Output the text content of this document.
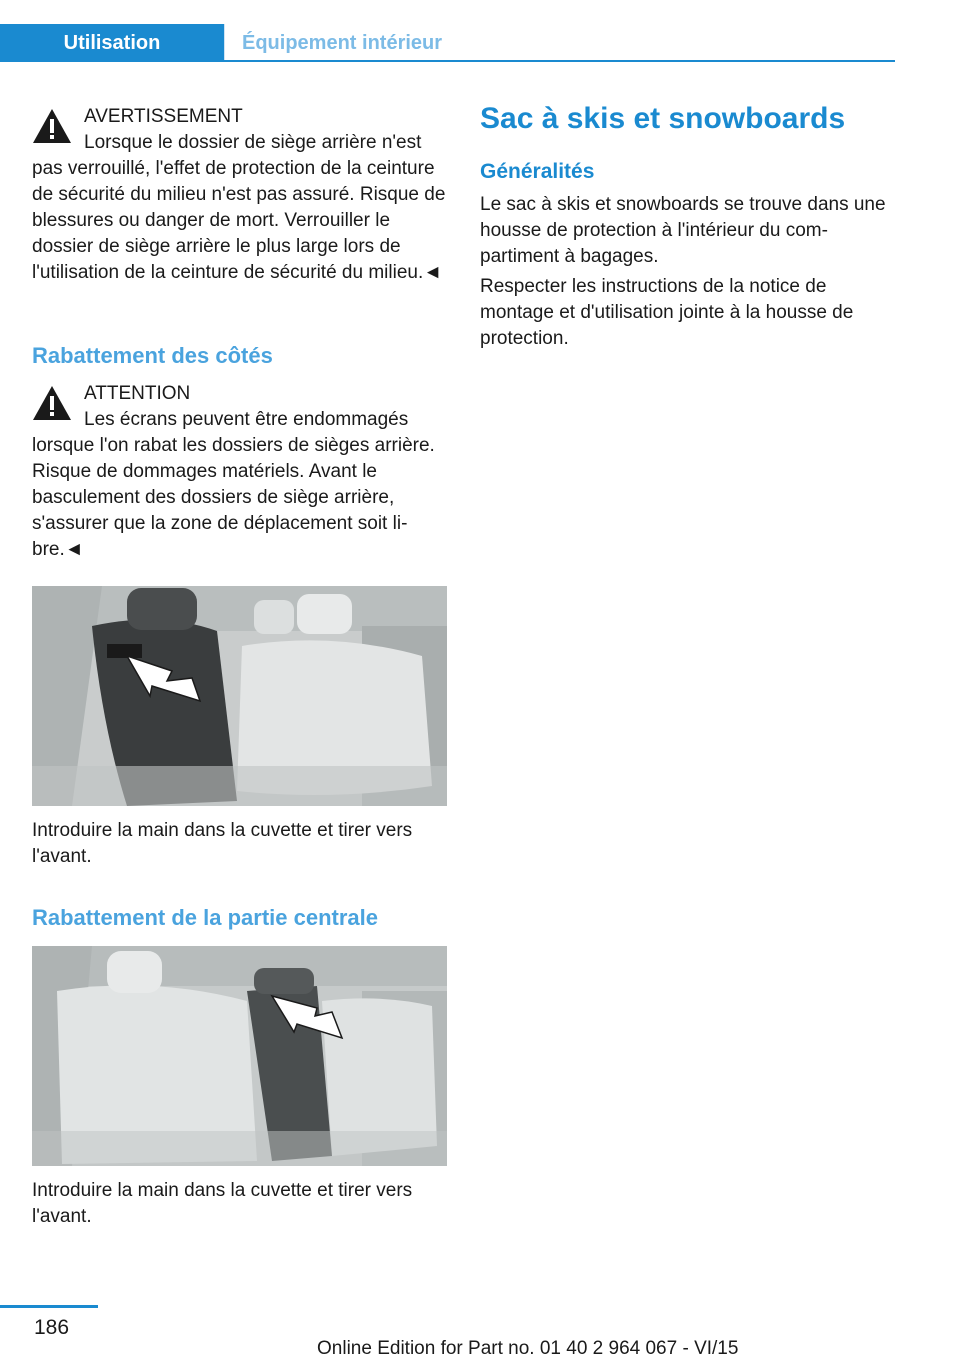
Utilisation	Équipement intérieur

AVERTISSEMENT

Lorsque le dossier de siège arrière n'est

pas verrouillé, l'effet de protection de la ceinture de sécurité du milieu n'est pas assuré. Risque de blessures ou danger de mort. Verrouiller le dossier de siège arrière le plus large lors de l'utilisation de la ceinture de sécurité du milieu.◄

Rabattement des côtés

ATTENTION

Les écrans peuvent être endommagés

lorsque l'on rabat les dossiers de sièges arrière. Risque de dommages matériels. Avant le basculement des dossiers de siège arrière, s'assurer que la zone de déplacement soit libre.◄

Introduire la main dans la cuvette et tirer vers l'avant.

Rabattement de la partie centrale

Introduire la main dans la cuvette et tirer vers l'avant.

Sac à skis et snowboards
Généralités

Le sac à skis et snowboards se trouve dans une housse de protection à l'intérieur du compartiment à bagages.

Respecter les instructions de la notice de montage et d'utilisation jointe à la housse de protection.

186
Online Edition for Part no. 01 40 2 964 067 - VI/15
